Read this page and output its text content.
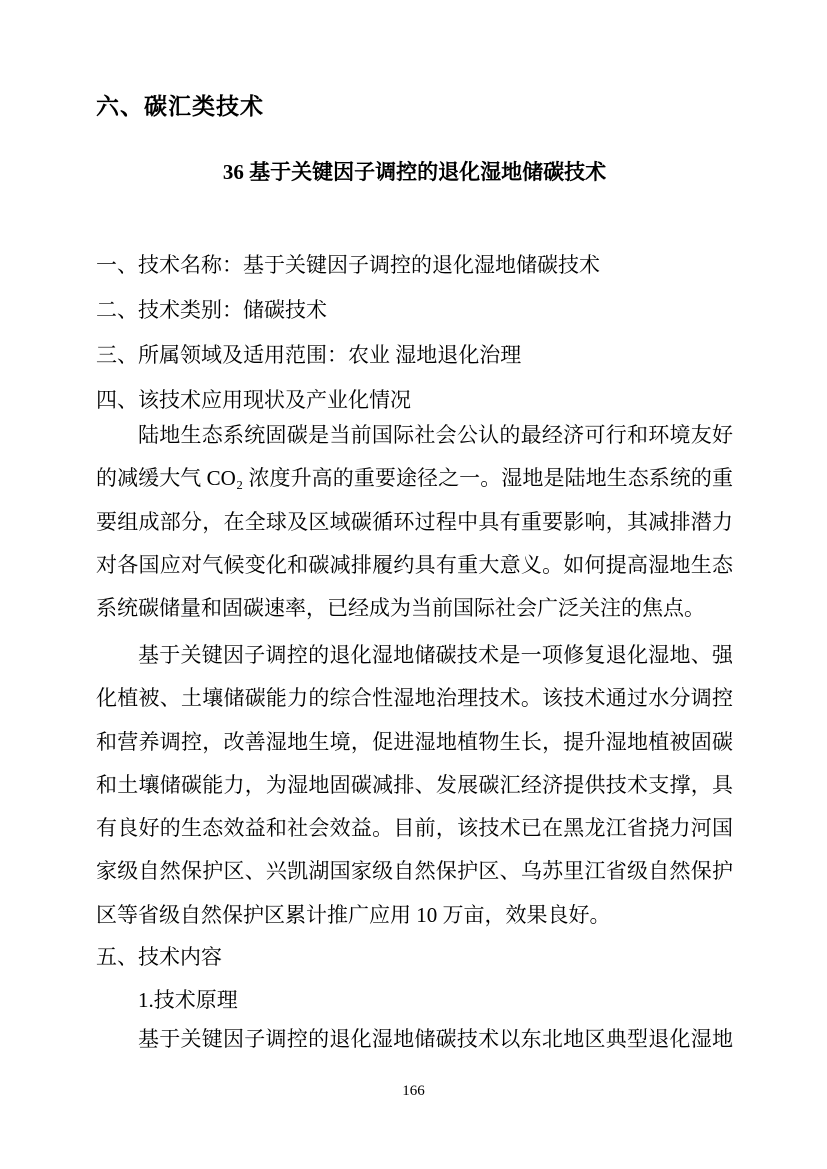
六、碳汇类技术
36 基于关键因子调控的退化湿地储碳技术
一、技术名称：基于关键因子调控的退化湿地储碳技术
二、技术类别：储碳技术
三、所属领域及适用范围：农业 湿地退化治理
四、该技术应用现状及产业化情况
陆地生态系统固碳是当前国际社会公认的最经济可行和环境友好
的减缓大气 CO₂ 浓度升高的重要途径之一。湿地是陆地生态系统的重
要组成部分，在全球及区域碳循环过程中具有重要影响，其减排潜力
对各国应对气候变化和碳减排履约具有重大意义。如何提高湿地生态
系统碳储量和固碳速率，已经成为当前国际社会广泛关注的焦点。
基于关键因子调控的退化湿地储碳技术是一项修复退化湿地、强
化植被、土壤储碳能力的综合性湿地治理技术。该技术通过水分调控
和营养调控，改善湿地生境，促进湿地植物生长，提升湿地植被固碳
和土壤储碳能力，为湿地固碳减排、发展碳汇经济提供技术支撑，具
有良好的生态效益和社会效益。目前，该技术已在黑龙江省挠力河国
家级自然保护区、兴凯湖国家级自然保护区、乌苏里江省级自然保护
区等省级自然保护区累计推广应用 10 万亩，效果良好。
五、技术内容
1.技术原理
基于关键因子调控的退化湿地储碳技术以东北地区典型退化湿地
166
